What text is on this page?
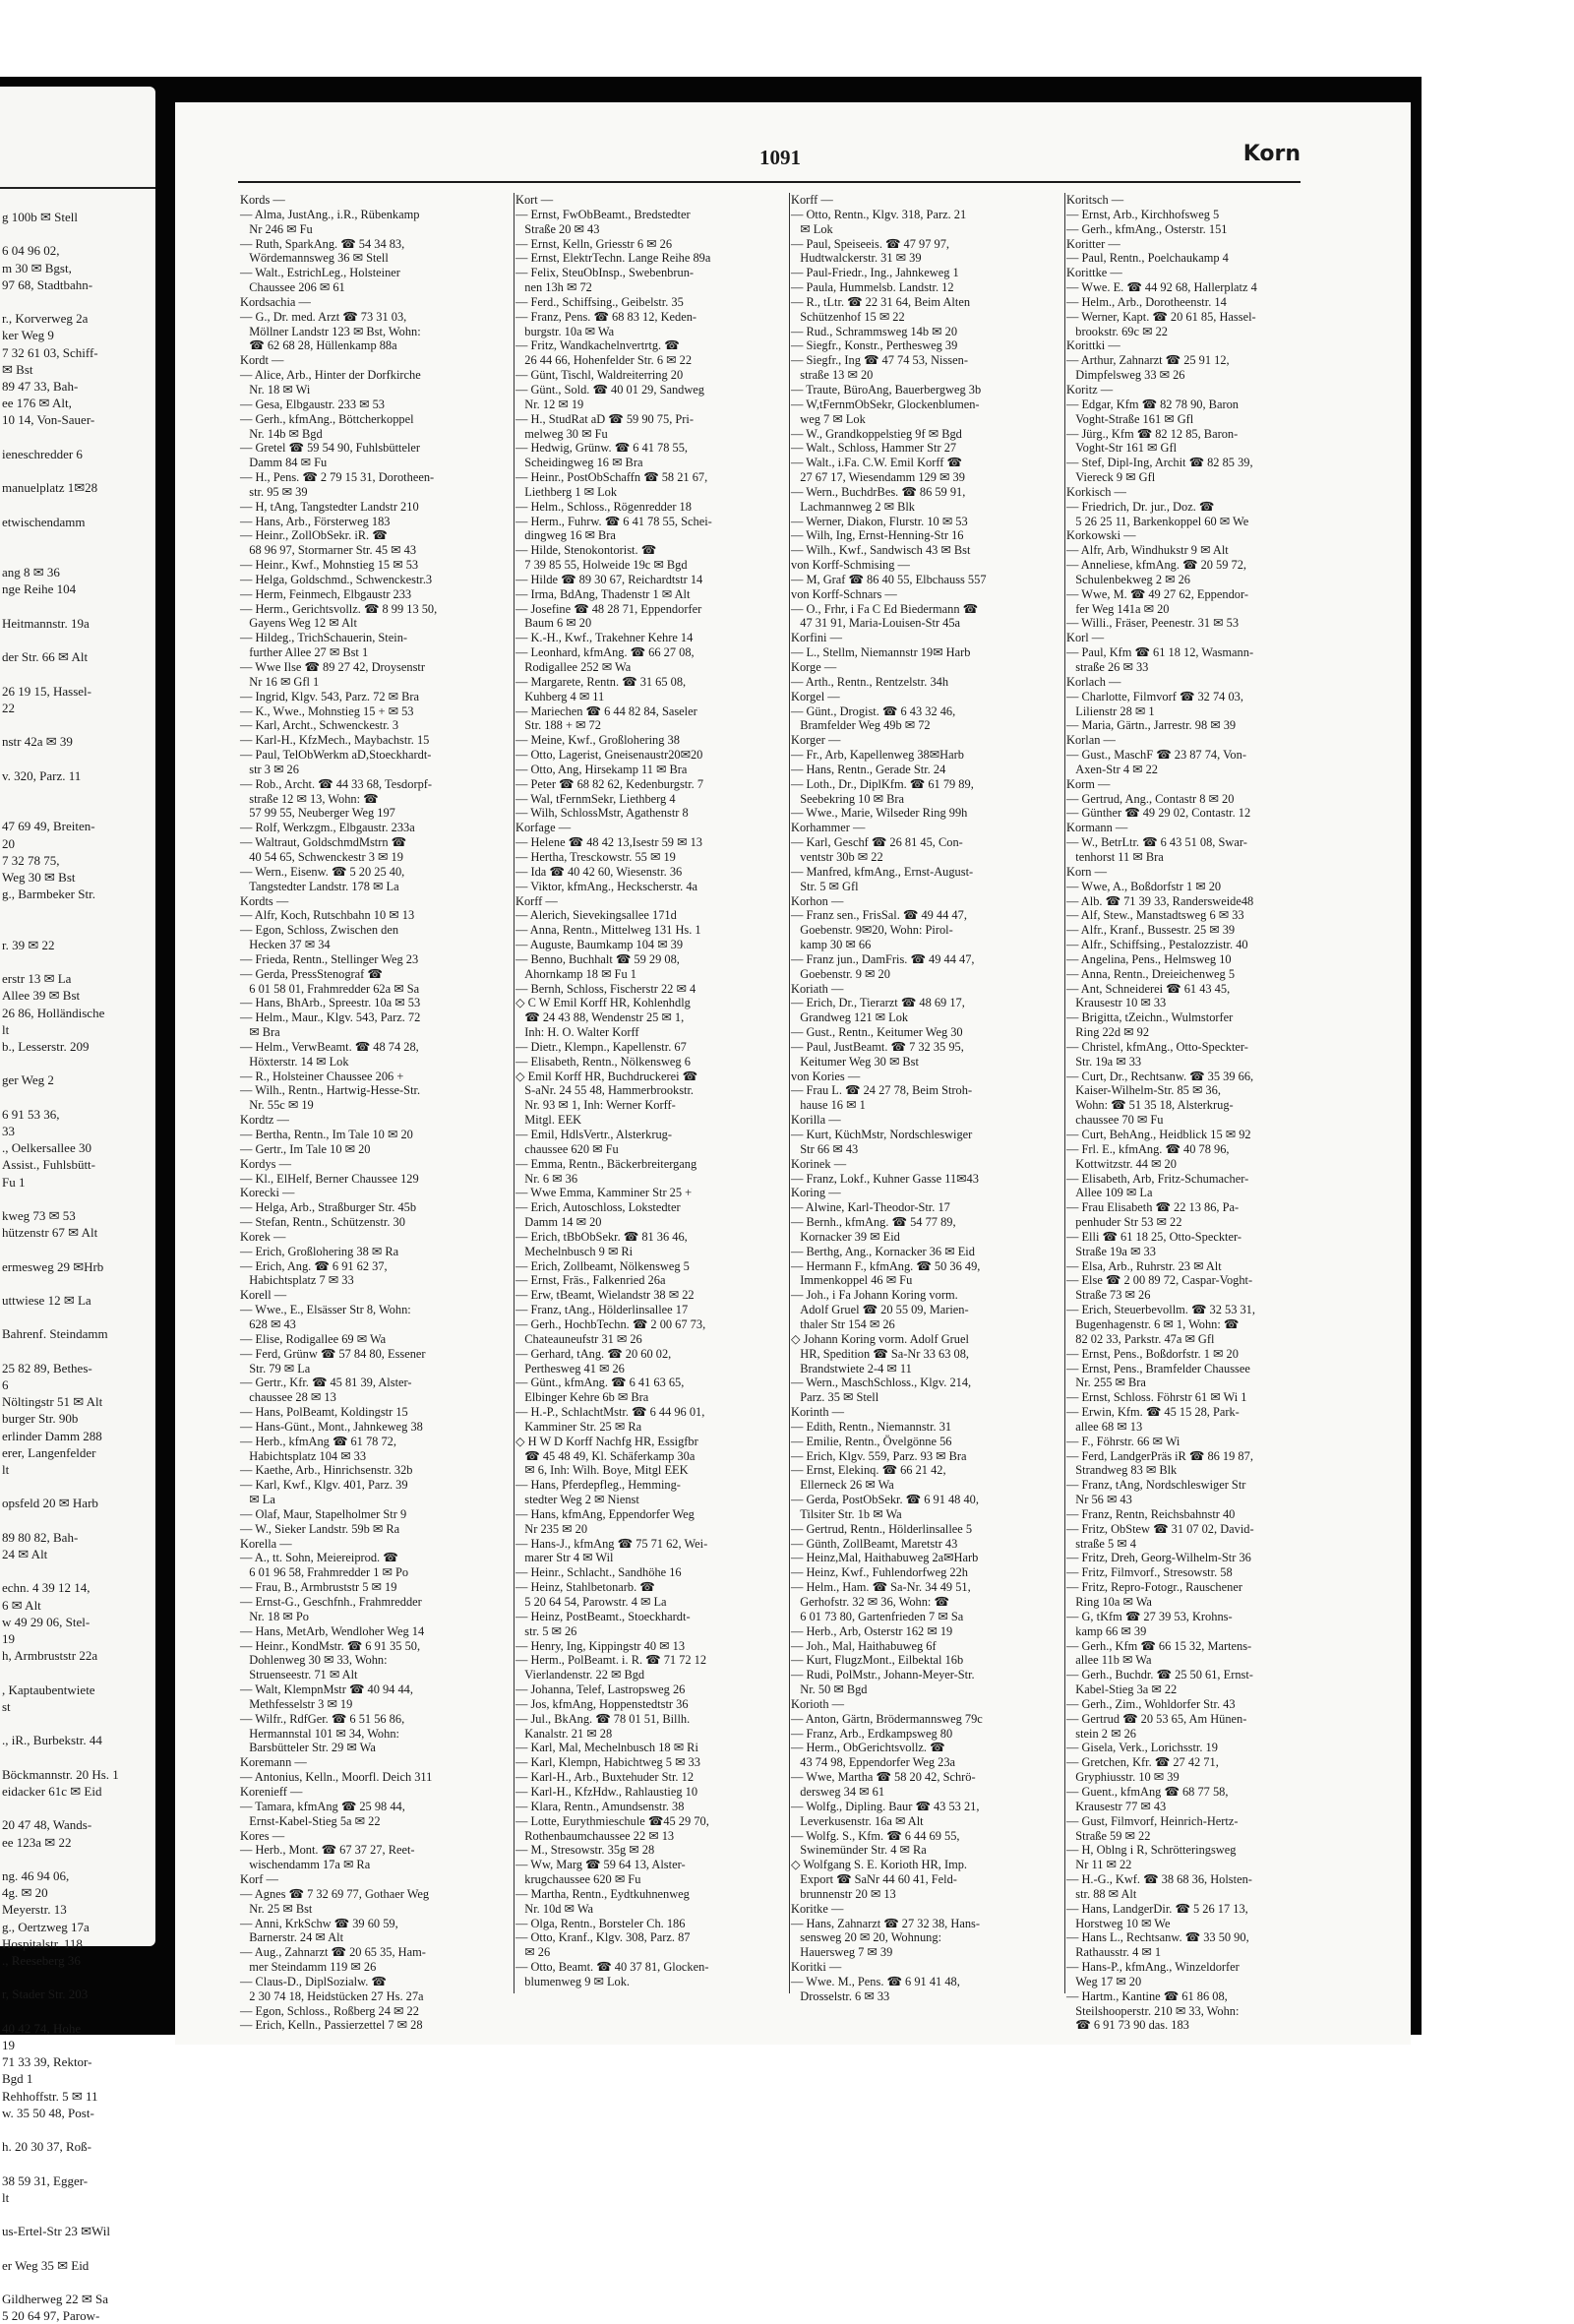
g 100b ✉ Stell

6 04 96 02,
m 30 ✉ Bgst,
97 68, Stadtbahn-

r., Korverweg 2a
ker Weg 9
7 32 61 03, Schiff-
✉ Bst
89 47 33, Bah-
ee 176 ✉ Alt,
10 14, Von-Sauer-

ieneschredder 6

manuelplatz 1✉28

etwischendamm

ang 8 ✉ 36
nge Reihe 104

Heitmannstr. 19a

der Str. 66 ✉ Alt

26 19 15, Hassel-
22

nstr 42a ✉ 39

v. 320, Parz. 11

47 69 49, Breiten-
20
7 32 78 75,
Weg 30 ✉ Bst
g., Barmbeker Str.

r. 39 ✉ 22

erstr 13 ✉ La
Allee 39 ✉ Bst
26 86, Holländische
lt
b., Lesserstr. 209

ger Weg 2

6 91 53 36,
33
., Oelkersallee 30
Assist., Fuhlsbütt-
Fu 1

kweg 73 ✉ 53
hützenstr 67 ✉ Alt

ermesweg 29 ✉Hrb

uttwiese 12 ✉ La

Bahrenf. Steindamm

25 82 89, Bethes-
6
Nöltingstr 51 ✉ Alt
burger Str. 90b
erlinder Damm 288
erer, Langenfelder
lt

opsfeld 20 ✉ Harb

89 80 82, Bah-
24 ✉ Alt

echn. 4 39 12 14,
6 ✉ Alt
w 49 29 06, Stel-
19
h, Armbruststr 22a

, Kaptaubentwiete
st

., iR., Burbekstr. 44

Böckmannstr. 20 Hs. 1
eidacker 61c ✉ Eid

20 47 48, Wands-
ee 123a ✉ 22

ng. 46 94 06,
4g. ✉ 20
Meyerstr. 13
g., Oertzweg 17a
Hospitalstr. 118
., Reeseberg 36

r, Stader Str. 203

40 42 74, Hohe
19
71 33 39, Rektor-
Bgd 1
Rehhoffstr. 5 ✉ 11
w. 35 50 48, Post-

h. 20 30 37, Roß-

38 59 31, Egger-
lt

us-Ertel-Str 23 ✉Wil

er Weg 35 ✉ Eid

Gildherweg 22 ✉ Sa
5 20 64 97, Parow-
1091	Korn
Kords —
— Alma, JustAng., i.R., Rübenkamp
Nr 246 ✉ Fu
— Ruth, SparkAng. ☎ 54 34 83,
Wördemannsweg 36 ✉ Stell
— Walt., EstrichLeg., Holsteiner
Chaussee 206 ✉ 61
Kordsachia —
— G., Dr. med. Arzt ☎ 73 31 03,
Möllner Landstr 123 ✉ Bst, Wohn:
☎ 62 68 28, Hüllenkamp 88a
Kordt —
— Alice, Arb., Hinter der Dorfkirche
Nr. 18 ✉ Wi
— Gesa, Elbgaustr. 233 ✉ 53
— Gerh., kfmAng., Böttcherkoppel
Nr. 14b ✉ Bgd
— Gretel ☎ 59 54 90, Fuhlsbütteler
Damm 84 ✉ Fu
— H., Pens. ☎ 2 79 15 31, Dorotheen-
str. 95 ✉ 39
— H, tAng, Tangstedter Landstr 210
— Hans, Arb., Försterweg 183
— Heinr., ZollObSekr. iR. ☎
68 96 97, Stormarner Str. 45 ✉ 43
— Heinr., Kwf., Mohnstieg 15 ✉ 53
— Helga, Goldschmd., Schwenckestr.3
— Herm, Feinmech, Elbgaustr 233
— Herm., Gerichtsvollz. ☎ 8 99 13 50,
Gayens Weg 12 ✉ Alt
— Hildeg., TrichSchauerin, Stein-
further Allee 27 ✉ Bst 1
— Wwe Ilse ☎ 89 27 42, Droysenstr
Nr 16 ✉ Gfl 1
— Ingrid, Klgv. 543, Parz. 72 ✉ Bra
— K., Wwe., Mohnstieg 15 + ✉ 53
— Karl, Archt., Schwenckestr. 3
— Karl-H., KfzMech., Maybachstr. 15
— Paul, TelObWerkm aD,Stoeckhardt-
str 3 ✉ 26
— Rob., Archt. ☎ 44 33 68, Tesdorpf-
straße 12 ✉ 13, Wohn: ☎
57 99 55, Neuberger Weg 197
— Rolf, Werkzgm., Elbgaustr. 233a
— Waltraut, GoldschmdMstrn ☎
40 54 65, Schwenckestr 3 ✉ 19
— Wern., Eisenw. ☎ 5 20 25 40,
Tangstedter Landstr. 178 ✉ La
Kordts —
— Alfr, Koch, Rutschbahn 10 ✉ 13
— Egon, Schloss, Zwischen den
Hecken 37 ✉ 34
— Frieda, Rentn., Stellinger Weg 23
— Gerda, PressStenograf ☎
6 01 58 01, Frahmredder 62a ✉ Sa
— Hans, BhArb., Spreestr. 10a ✉ 53
— Helm., Maur., Klgv. 543, Parz. 72
✉ Bra
— Helm., VerwBeamt. ☎ 48 74 28,
Höxterstr. 14 ✉ Lok
— R., Holsteiner Chaussee 206 +
— Wilh., Rentn., Hartwig-Hesse-Str.
Nr. 55c ✉ 19
Kordtz —
— Bertha, Rentn., Im Tale 10 ✉ 20
— Gertr., Im Tale 10 ✉ 20
Kordys —
— Kl., ElHelf, Berner Chaussee 129
Korecki —
— Helga, Arb., Straßburger Str. 45b
— Stefan, Rentn., Schützenstr. 30
Korek —
— Erich, Großlohering 38 ✉ Ra
— Erich, Ang. ☎ 6 91 62 37,
Habichtsplatz 7 ✉ 33
Korell —
— Wwe., E., Elsässer Str 8, Wohn:
628 ✉ 43
— Elise, Rodigallee 69 ✉ Wa
— Ferd, Grünw ☎ 57 84 80, Essener
Str. 79 ✉ La
— Gertr., Kfr. ☎ 45 81 39, Alster-
chaussee 28 ✉ 13
— Hans, PolBeamt, Koldingstr 15
— Hans-Günt., Mont., Jahnkeweg 38
— Herb., kfmAng ☎ 61 78 72,
Habichtsplatz 104 ✉ 33
— Kaethe, Arb., Hinrichsenstr. 32b
— Karl, Kwf., Klgv. 401, Parz. 39
✉ La
— Olaf, Maur, Stapelholmer Str 9
— W., Sieker Landstr. 59b ✉ Ra
Korella —
— A., tt. Sohn, Meiereiprod. ☎
6 01 96 58, Frahmredder 1 ✉ Po
— Frau, B., Armbruststr 5 ✉ 19
— Ernst-G., Geschfnh., Frahmredder
Nr. 18 ✉ Po
— Hans, MetArb, Wendloher Weg 14
— Heinr., KondMstr. ☎ 6 91 35 50,
Dohlenweg 30 ✉ 33, Wohn:
Struenseestr. 71 ✉ Alt
— Walt, KlempnMstr ☎ 40 94 44,
Methfesselstr 3 ✉ 19
— Wilfr., RdfGer. ☎ 6 51 56 86,
Hermannstal 101 ✉ 34, Wohn:
Barsbütteler Str. 29 ✉ Wa
Koremann —
— Antonius, Kelln., Moorfl. Deich 311
Korenieff —
— Tamara, kfmAng ☎ 25 98 44,
Ernst-Kabel-Stieg 5a ✉ 22
Kores —
— Herb., Mont. ☎ 67 37 27, Reet-
wischendamm 17a ✉ Ra
Korf —
— Agnes ☎ 7 32 69 77, Gothaer Weg
Nr. 25 ✉ Bst
— Anni, KrkSchw ☎ 39 60 59,
Barnerstr. 24 ✉ Alt
— Aug., Zahnarzt ☎ 20 65 35, Ham-
mer Steindamm 119 ✉ 26
— Claus-D., DiplSozialw. ☎
2 30 74 18, Heidstücken 27 Hs. 27a
— Egon, Schloss., Roßberg 24 ✉ 22
— Erich, Kelln., Passierzettel 7 ✉ 28
Kort —
— Ernst, FwObBeamt., Bredstedter
Straße 20 ✉ 43
— Ernst, Kelln, Griesstr 6 ✉ 26
— Ernst, ElektrTechn. Lange Reihe 89a
— Felix, SteuObInsp., Swebenbrun-
nen 13h ✉ 72
— Ferd., Schiffsing., Geibelstr. 35
— Franz, Pens. ☎ 68 83 12, Keden-
burgstr. 10a ✉ Wa
— Fritz, Wandkachelnvertrtg. ☎
26 44 66, Hohenfelder Str. 6 ✉ 22
— Günt, Tischl, Waldreiterring 20
— Günt., Sold. ☎ 40 01 29, Sandweg
Nr. 12 ✉ 19
— H., StudRat aD ☎ 59 90 75, Pri-
melweg 30 ✉ Fu
— Hedwig, Grünw. ☎ 6 41 78 55,
Scheidingweg 16 ✉ Bra
— Heinr., PostObSchaffn ☎ 58 21 67,
Liethberg 1 ✉ Lok
— Helm., Schloss., Rögenredder 18
— Herm., Fuhrw. ☎ 6 41 78 55, Schei-
dingweg 16 ✉ Bra
— Hilde, Stenokontorist. ☎
7 39 85 55, Holweide 19c ✉ Bgd
— Hilde ☎ 89 30 67, Reichardtstr 14
— Irma, BdAng, Thadenstr 1 ✉ Alt
— Josefine ☎ 48 28 71, Eppendorfer
Baum 6 ✉ 20
— K.-H., Kwf., Trakehner Kehre 14
— Leonhard, kfmAng. ☎ 66 27 08,
Rodigallee 252 ✉ Wa
— Margarete, Rentn. ☎ 31 65 08,
Kuhberg 4 ✉ 11
— Mariechen ☎ 6 44 82 84, Saseler
Str. 188 + ✉ 72
— Meine, Kwf., Großlohering 38
— Otto, Lagerist, Gneisenaustr20✉20
— Otto, Ang, Hirsekamp 11 ✉ Bra
— Peter ☎ 68 82 62, Kedenburgstr. 7
— Wal, tFernmSekr, Liethberg 4
— Wilh, SchlossMstr, Agathenstr 8
Korfage —
— Helene ☎ 48 42 13,Isestr 59 ✉ 13
— Hertha, Tresckowstr. 55 ✉ 19
— Ida ☎ 40 42 60, Wiesenstr. 36
— Viktor, kfmAng., Heckscherstr. 4a
Korff —
— Alerich, Sievekingsallee 171d
— Anna, Rentn., Mittelweg 131 Hs. 1
— Auguste, Baumkamp 104 ✉ 39
— Benno, Buchhalt ☎ 59 29 08,
Ahornkamp 18 ✉ Fu 1
— Bernh, Schloss, Fischerstr 22 ✉ 4
◇ C W Emil Korff HR, Kohlenhdlg
☎ 24 43 88, Wendenstr 25 ✉ 1,
Inh: H. O. Walter Korff
— Dietr., Klempn., Kapellenstr. 67
— Elisabeth, Rentn., Nölkensweg 6
◇ Emil Korff HR, Buchdruckerei ☎
S-aNr. 24 55 48, Hammerbrookstr.
Nr. 93 ✉ 1, Inh: Werner Korff-
Mitgl. EEK
— Emil, HdlsVertr., Alsterkrug-
chaussee 620 ✉ Fu
— Emma, Rentn., Bäckerbreitergang
Nr. 6 ✉ 36
— Wwe Emma, Kamminer Str 25 +
— Erich, Autoschloss, Lokstedter
Damm 14 ✉ 20
— Erich, tBbObSekr. ☎ 81 36 46,
Mechelnbusch 9 ✉ Ri
— Erich, Zollbeamt, Nölkensweg 5
— Ernst, Fräs., Falkenried 26a
— Erw, tBeamt, Wielandstr 38 ✉ 22
— Franz, tAng., Hölderlinsallee 17
— Gerh., HochbTechn. ☎ 2 00 67 73,
Chateauneufstr 31 ✉ 26
— Gerhard, tAng. ☎ 20 60 02,
Perthesweg 41 ✉ 26
— Günt., kfmAng. ☎ 6 41 63 65,
Elbinger Kehre 6b ✉ Bra
— H.-P., SchlachtMstr. ☎ 6 44 96 01,
Kamminer Str. 25 ✉ Ra
◇ H W D Korff Nachfg HR, Essigfbr
☎ 45 48 49, Kl. Schäferkamp 30a
✉ 6, Inh: Wilh. Boye, Mitgl EEK
— Hans, Pferdepfleg., Hemming-
stedter Weg 2 ✉ Nienst
— Hans, kfmAng, Eppendorfer Weg
Nr 235 ✉ 20
— Hans-J., kfmAng ☎ 75 71 62, Wei-
marer Str 4 ✉ Wil
— Heinr., Schlacht., Sandhöhe 16
— Heinz, Stahlbetonarb. ☎
5 20 64 54, Parowstr. 4 ✉ La
— Heinz, PostBeamt., Stoeckhardt-
str. 5 ✉ 26
— Henry, Ing, Kippingstr 40 ✉ 13
— Herm., PolBeamt. i. R. ☎ 71 72 12
Vierlandenstr. 22 ✉ Bgd
— Johanna, Telef, Lastropsweg 26
— Jos, kfmAng, Hoppenstedtstr 36
— Jul., BkAng. ☎ 78 01 51, Billh.
Kanalstr. 21 ✉ 28
— Karl, Mal, Mechelnbusch 18 ✉ Ri
— Karl, Klempn, Habichtweg 5 ✉ 33
— Karl-H., Arb., Buxtehuder Str. 12
— Karl-H., KfzHdw., Rahlaustieg 10
— Klara, Rentn., Amundsenstr. 38
— Lotte, Eurythmieschule ☎45 29 70,
Rothenbaumchaussee 22 ✉ 13
— M., Stresowstr. 35g ✉ 28
— Ww, Marg ☎ 59 64 13, Alster-
krugchaussee 620 ✉ Fu
— Martha, Rentn., Eydtkuhnenweg
Nr. 10d ✉ Wa
— Olga, Rentn., Borsteler Ch. 186
— Otto, Kranf., Klgv. 308, Parz. 87
✉ 26
— Otto, Beamt. ☎ 40 37 81, Glocken-
blumenweg 9 ✉ Lok.
Korff —
— Otto, Rentn., Klgv. 318, Parz. 21
✉ Lok
— Paul, Speiseeis. ☎ 47 97 97,
Hudtwalckerstr. 31 ✉ 39
— Paul-Friedr., Ing., Jahnkeweg 1
— Paula, Hummelsb. Landstr. 12
— R., tLtr. ☎ 22 31 64, Beim Alten
Schützenhof 15 ✉ 22
— Rud., Schrammsweg 14b ✉ 20
— Siegfr., Konstr., Perthesweg 39
— Siegfr., Ing ☎ 47 74 53, Nissen-
straße 13 ✉ 20
— Traute, BüroAng, Bauerbergweg 3b
— W,tFernmObSekr, Glockenblumen-
weg 7 ✉ Lok
— W., Grandkoppelstieg 9f ✉ Bgd
— Walt., Schloss, Hammer Str 27
— Walt., i.Fa. C.W. Emil Korff ☎
27 67 17, Wiesendamm 129 ✉ 39
— Wern., BuchdrBes. ☎ 86 59 91,
Lachmannweg 2 ✉ Blk
— Werner, Diakon, Flurstr. 10 ✉ 53
— Wilh, Ing, Ernst-Henning-Str 16
— Wilh., Kwf., Sandwisch 43 ✉ Bst
von Korff-Schmising —
— M, Graf ☎ 86 40 55, Elbchauss 557
von Korff-Schnars —
— O., Frhr, i Fa C Ed Biedermann ☎
47 31 91, Maria-Louisen-Str 45a
Korfini —
— L., Stellm, Niemannstr 19✉ Harb
Korge —
— Arth., Rentn., Rentzelstr. 34h
Korgel —
— Günt., Drogist. ☎ 6 43 32 46,
Bramfelder Weg 49b ✉ 72
Korger —
— Fr., Arb, Kapellenweg 38✉Harb
— Hans, Rentn., Gerade Str. 24
— Loth., Dr., DiplKfm. ☎ 61 79 89,
Seebekring 10 ✉ Bra
— Wwe., Marie, Wilseder Ring 99h
Korhammer —
— Karl, Geschf ☎ 26 81 45, Con-
ventstr 30b ✉ 22
— Manfred, kfmAng., Ernst-August-
Str. 5 ✉ Gfl
Korhon —
— Franz sen., FrisSal. ☎ 49 44 47,
Goebenstr. 9✉20, Wohn: Pirol-
kamp 30 ✉ 66
— Franz jun., DamFris. ☎ 49 44 47,
Goebenstr. 9 ✉ 20
Koriath —
— Erich, Dr., Tierarzt ☎ 48 69 17,
Grandweg 121 ✉ Lok
— Gust., Rentn., Keitumer Weg 30
— Paul, JustBeamt. ☎ 7 32 35 95,
Keitumer Weg 30 ✉ Bst
von Kories —
— Frau L. ☎ 24 27 78, Beim Stroh-
hause 16 ✉ 1
Korilla —
— Kurt, KüchMstr, Nordschleswiger
Str 66 ✉ 43
Korinek —
— Franz, Lokf., Kuhner Gasse 11✉43
Koring —
— Alwine, Karl-Theodor-Str. 17
— Bernh., kfmAng. ☎ 54 77 89,
Kornacker 39 ✉ Eid
— Berthg, Ang., Kornacker 36 ✉ Eid
— Hermann F., kfmAng. ☎ 50 36 49,
Immenkoppel 46 ✉ Fu
— Joh., i Fa Johann Koring vorm.
Adolf Gruel ☎ 20 55 09, Marien-
thaler Str 154 ✉ 26
◇ Johann Koring vorm. Adolf Gruel
HR, Spedition ☎ Sa-Nr 33 63 08,
Brandstwiete 2-4 ✉ 11
— Wern., MaschSchloss., Klgv. 214,
Parz. 35 ✉ Stell
Korinth —
— Edith, Rentn., Niemannstr. 31
— Emilie, Rentn., Övelgönne 56
— Erich, Klgv. 559, Parz. 93 ✉ Bra
— Ernst, Elekinq. ☎ 66 21 42,
Ellerneck 26 ✉ Wa
— Gerda, PostObSekr. ☎ 6 91 48 40,
Tilsiter Str. 1b ✉ Wa
— Gertrud, Rentn., Hölderlinsallee 5
— Günth, ZollBeamt, Maretstr 43
— Heinz,Mal, Haithabuweg 2a✉Harb
— Heinz, Kwf., Fuhlendorfweg 22h
— Helm., Ham. ☎ Sa-Nr. 34 49 51,
Gerhofstr. 32 ✉ 36, Wohn: ☎
6 01 73 80, Gartenfrieden 7 ✉ Sa
— Herb., Arb, Osterstr 162 ✉ 19
— Joh., Mal, Haithabuweg 6f
— Kurt, FlugzMont., Eilbektal 16b
— Rudi, PolMstr., Johann-Meyer-Str.
Nr. 50 ✉ Bgd
Korioth —
— Anton, Gärtn, Brödermannsweg 79c
— Franz, Arb., Erdkampsweg 80
— Herm., ObGerichtsvollz. ☎
43 74 98, Eppendorfer Weg 23a
— Wwe, Martha ☎ 58 20 42, Schrö-
dersweg 34 ✉ 61
— Wolfg., Dipling. Baur ☎ 43 53 21,
Leverkusenstr. 16a ✉ Alt
— Wolfg. S., Kfm. ☎ 6 44 69 55,
Swinemünder Str. 4 ✉ Ra
◇ Wolfgang S. E. Korioth HR, Imp.
Export ☎ SaNr 44 60 41, Feld-
brunnenstr 20 ✉ 13
Koritke —
— Hans, Zahnarzt ☎ 27 32 38, Hans-
sensweg 20 ✉ 20, Wohnung:
Hauersweg 7 ✉ 39
Koritki —
— Wwe. M., Pens. ☎ 6 91 41 48,
Drosselstr. 6 ✉ 33
Koritsch —
— Ernst, Arb., Kirchhofsweg 5
— Gerh., kfmAng., Osterstr. 151
Koritter —
— Paul, Rentn., Poelchaukamp 4
Korittke —
— Wwe. E. ☎ 44 92 68, Hallerplatz 4
— Helm., Arb., Dorotheenstr. 14
— Werner, Kapt. ☎ 20 61 85, Hassel-
brookstr. 69c ✉ 22
Korittki —
— Arthur, Zahnarzt ☎ 25 91 12,
Dimpfelsweg 33 ✉ 26
Koritz —
— Edgar, Kfm ☎ 82 78 90, Baron
Voght-Straße 161 ✉ Gfl
— Jürg., Kfm ☎ 82 12 85, Baron-
Voght-Str 161 ✉ Gfl
— Stef, Dipl-Ing, Archit ☎ 82 85 39,
Viereck 9 ✉ Gfl
Korkisch —
— Friedrich, Dr. jur., Doz. ☎
5 26 25 11, Barkenkoppel 60 ✉ We
Korkowski —
— Alfr, Arb, Windhukstr 9 ✉ Alt
— Anneliese, kfmAng. ☎ 20 59 72,
Schulenbekweg 2 ✉ 26
— Wwe, M. ☎ 49 27 62, Eppendor-
fer Weg 141a ✉ 20
— Willi., Fräser, Peenestr. 31 ✉ 53
Korl —
— Paul, Kfm ☎ 61 18 12, Wasmann-
straße 26 ✉ 33
Korlach —
— Charlotte, Filmvorf ☎ 32 74 03,
Lilienstr 28 ✉ 1
— Maria, Gärtn., Jarrestr. 98 ✉ 39
Korlan —
— Gust., MaschF ☎ 23 87 74, Von-
Axen-Str 4 ✉ 22
Korm —
— Gertrud, Ang., Contastr 8 ✉ 20
— Günther ☎ 49 29 02, Contastr. 12
Kormann —
— W., BetrLtr. ☎ 6 43 51 08, Swar-
tenhorst 11 ✉ Bra
Korn —
— Wwe, A., Boßdorfstr 1 ✉ 20
— Alb. ☎ 71 39 33, Randersweide48
— Alf, Stew., Manstadtsweg 6 ✉ 33
— Alfr., Kranf., Bussestr. 25 ✉ 39
— Alfr., Schiffsing., Pestalozzistr. 40
— Angelina, Pens., Helmsweg 10
— Anna, Rentn., Dreieichenweg 5
— Ant, Schneiderei ☎ 61 43 45,
Krausestr 10 ✉ 33
— Brigitta, tZeichn., Wulmstorfer
Ring 22d ✉ 92
— Christel, kfmAng., Otto-Speckter-
Str. 19a ✉ 33
— Curt, Dr., Rechtsanw. ☎ 35 39 66,
Kaiser-Wilhelm-Str. 85 ✉ 36,
Wohn: ☎ 51 35 18, Alsterkrug-
chaussee 70 ✉ Fu
— Curt, BehAng., Heidblick 15 ✉ 92
— Frl. E., kfmAng. ☎ 40 78 96,
Kottwitzstr. 44 ✉ 20
— Elisabeth, Arb, Fritz-Schumacher-
Allee 109 ✉ La
— Frau Elisabeth ☎ 22 13 86, Pa-
penhuder Str 53 ✉ 22
— Elli ☎ 61 18 25, Otto-Speckter-
Straße 19a ✉ 33
— Elsa, Arb., Ruhrstr. 23 ✉ Alt
— Else ☎ 2 00 89 72, Caspar-Voght-
Straße 73 ✉ 26
— Erich, Steuerbevollm. ☎ 32 53 31,
Bugenhagenstr. 6 ✉ 1, Wohn: ☎
82 02 33, Parkstr. 47a ✉ Gfl
— Ernst, Pens., Boßdorfstr. 1 ✉ 20
— Ernst, Pens., Bramfelder Chaussee
Nr. 255 ✉ Bra
— Ernst, Schloss. Föhrstr 61 ✉ Wi 1
— Erwin, Kfm. ☎ 45 15 28, Park-
allee 68 ✉ 13
— F., Föhrstr. 66 ✉ Wi
— Ferd, LandgerPräs iR ☎ 86 19 87,
Strandweg 83 ✉ Blk
— Franz, tAng, Nordschleswiger Str
Nr 56 ✉ 43
— Franz, Rentn, Reichsbahnstr 40
— Fritz, ObStew ☎ 31 07 02, David-
straße 5 ✉ 4
— Fritz, Dreh, Georg-Wilhelm-Str 36
— Fritz, Filmvorf., Stresowstr. 58
— Fritz, Repro-Fotogr., Rauschener
Ring 10a ✉ Wa
— G, tKfm ☎ 27 39 53, Krohns-
kamp 66 ✉ 39
— Gerh., Kfm ☎ 66 15 32, Martens-
allee 11b ✉ Wa
— Gerh., Buchdr. ☎ 25 50 61, Ernst-
Kabel-Stieg 3a ✉ 22
— Gerh., Zim., Wohldorfer Str. 43
— Gertrud ☎ 20 53 65, Am Hünen-
stein 2 ✉ 26
— Gisela, Verk., Lorichsstr. 19
— Gretchen, Kfr. ☎ 27 42 71,
Gryphiusstr. 10 ✉ 39
— Guent., kfmAng ☎ 68 77 58,
Krausestr 77 ✉ 43
— Gust, Filmvorf, Heinrich-Hertz-
Straße 59 ✉ 22
— H, Oblng i R, Schrötteringsweg
Nr 11 ✉ 22
— H.-G., Kwf. ☎ 38 68 36, Holsten-
str. 88 ✉ Alt
— Hans, LandgerDir. ☎ 5 26 17 13,
Horstweg 10 ✉ We
— Hans L., Rechtsanw. ☎ 33 50 90,
Rathausstr. 4 ✉ 1
— Hans-P., kfmAng., Winzeldorfer
Weg 17 ✉ 20
— Hartm., Kantine ☎ 61 86 08,
Steilshooperstr. 210 ✉ 33, Wohn:
☎ 6 91 73 90 das. 183
